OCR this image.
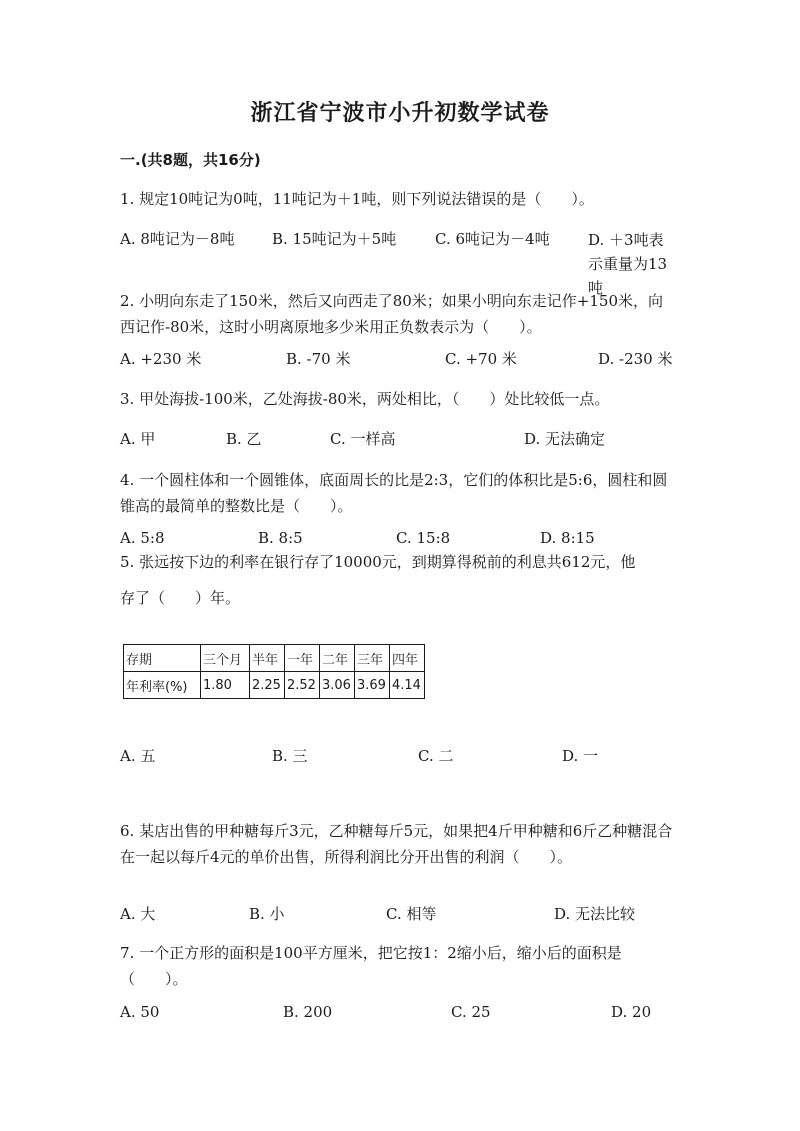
浙江省宁波市小升初数学试卷
一.(共8题，共16分)

1. 规定10吨记为0吨，11吨记为＋1吨，则下列说法错误的是（　　）。

A. 8吨记为－8吨	B. 15吨记为＋5吨	C. 6吨记为－4吨	D. ＋3吨表示重量为13吨

2. 小明向东走了150米，然后又向西走了80米；如果小明向东走记作+150米，向西记作-80米，这时小明离原地多少米用正负数表示为（　　）。

A. +230 米	B. -70 米	C. +70 米	D. -230 米

3. 甲处海拔-100米，乙处海拔-80米，两处相比，（　　）处比较低一点。

A. 甲	B. 乙	C. 一样高	D. 无法确定

4. 一个圆柱体和一个圆锥体，底面周长的比是2:3，它们的体积比是5:6，圆柱和圆锥高的最简单的整数比是（　　）。

A. 5:8	B. 8:5	C. 15:8	D. 8:15
5. 张远按下边的利率在银行存了10000元，到期算得税前的利息共612元，他
存了（　　）年。
存期	三个月	半年	一年	二年	三年	四年
年利率(%)	1.80	2.25	2.52	3.06	3.69	4.14
A. 五	B. 三	C. 二	D. 一

6. 某店出售的甲种糖每斤3元，乙种糖每斤5元，如果把4斤甲种糖和6斤乙种糖混合在一起以每斤4元的单价出售，所得利润比分开出售的利润（　　）。

A. 大	B. 小	C. 相等	D. 无法比较

7. 一个正方形的面积是100平方厘米，把它按1：2缩小后，缩小后的面积是（　　）。

A. 50	B. 200	C. 25	D. 20
